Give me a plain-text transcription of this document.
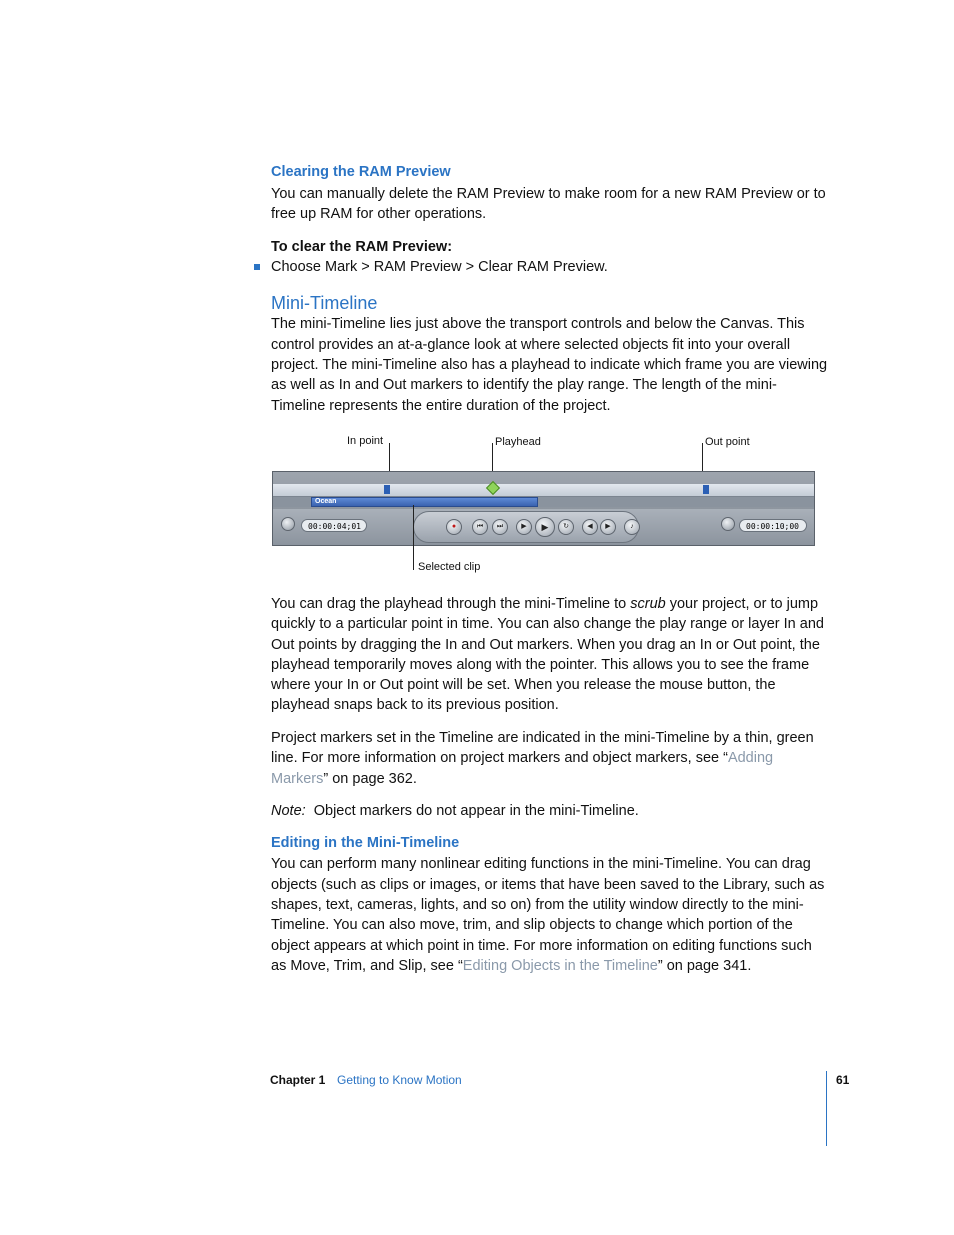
Clearing the RAM Preview
You can manually delete the RAM Preview to make room for a new RAM Preview or to
free up RAM for other operations.
To clear the RAM Preview:
Choose Mark > RAM Preview > Clear RAM Preview.
Mini-Timeline
The mini-Timeline lies just above the transport controls and below the Canvas. This
control provides an at-a-glance look at where selected objects fit into your overall
project. The mini-Timeline also has a playhead to indicate which frame you are viewing
as well as In and Out markers to identify the play range. The length of the mini-
Timeline represents the entire duration of the project.
In point	Playhead	Out point
Ocean
00:00:04;01	●	⏮	⏭	▶	▶	↻	◀	▶	♪	00:00:10;00
Selected clip
You can drag the playhead through the mini-Timeline to scrub your project, or to jump
quickly to a particular point in time. You can also change the play range or layer In and
Out points by dragging the In and Out markers. When you drag an In or Out point, the
playhead temporarily moves along with the pointer. This allows you to see the frame
where your In or Out point will be set. When you release the mouse button, the
playhead snaps back to its previous position.
Project markers set in the Timeline are indicated in the mini-Timeline by a thin, green
line. For more information on project markers and object markers, see “Adding
Markers” on page 362.
Note: Object markers do not appear in the mini-Timeline.
Editing in the Mini-Timeline
You can perform many nonlinear editing functions in the mini-Timeline. You can drag
objects (such as clips or images, or items that have been saved to the Library, such as
shapes, text, cameras, lights, and so on) from the utility window directly to the mini-
Timeline. You can also move, trim, and slip objects to change which portion of the
object appears at which point in time. For more information on editing functions such
as Move, Trim, and Slip, see “Editing Objects in the Timeline” on page 341.
Chapter 1 Getting to Know Motion	61
